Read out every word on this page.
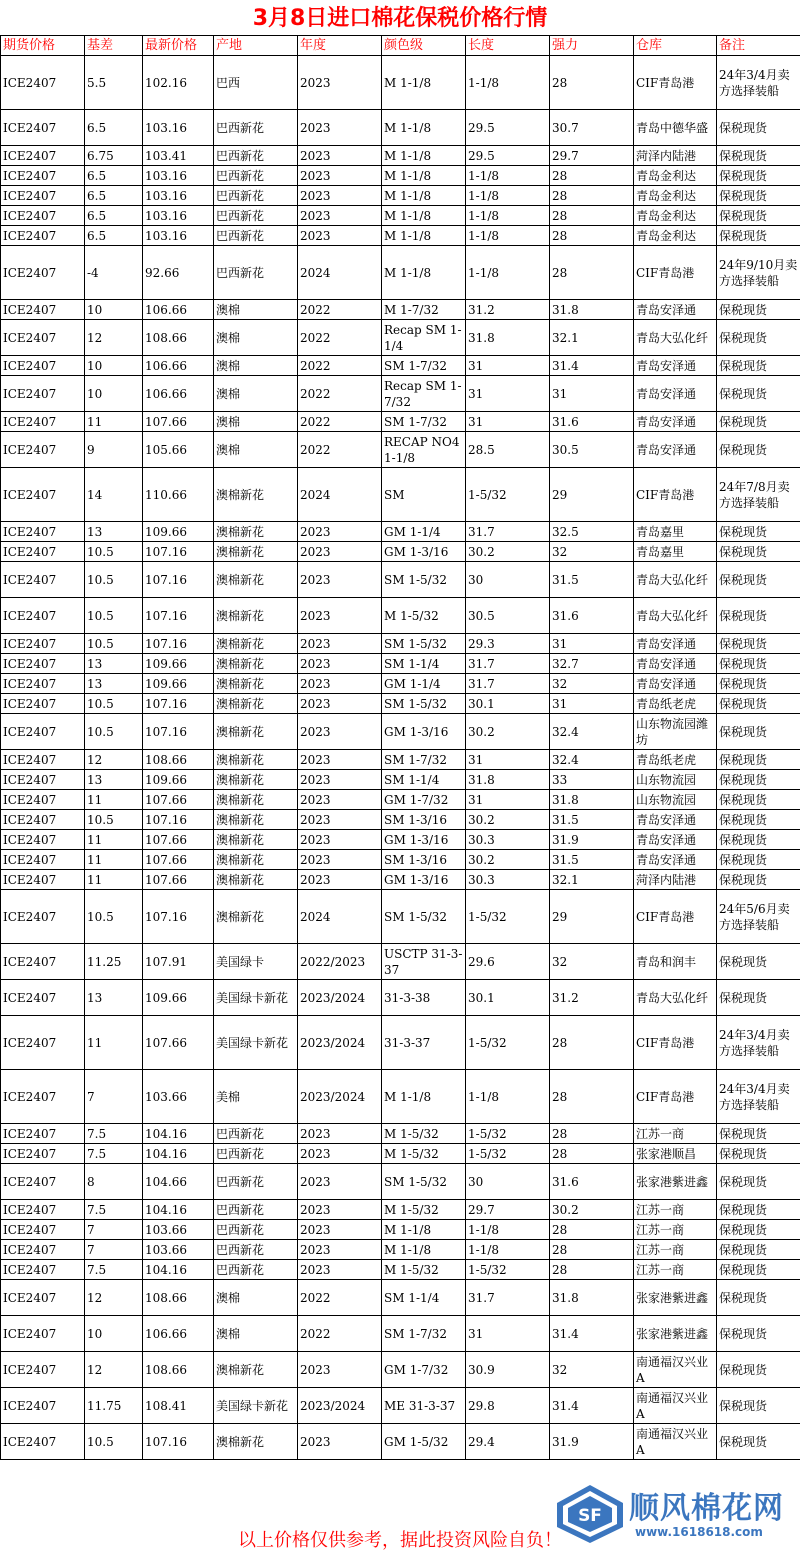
3月8日进口棉花保税价格行情
期货价格	基差	最新价格	产地	年度	颜色级	长度	强力	仓库	备注
ICE2407	5.5	102.16	巴西	2023	M 1-1/8	1-1/8	28	CIF青岛港	24年3/4月卖方选择装船
ICE2407	6.5	103.16	巴西新花	2023	M 1-1/8	29.5	30.7	青岛中德华盛	保税现货
ICE2407	6.75	103.41	巴西新花	2023	M 1-1/8	29.5	29.7	菏泽内陆港	保税现货
ICE2407	6.5	103.16	巴西新花	2023	M 1-1/8	1-1/8	28	青岛金利达	保税现货
ICE2407	6.5	103.16	巴西新花	2023	M 1-1/8	1-1/8	28	青岛金利达	保税现货
ICE2407	6.5	103.16	巴西新花	2023	M 1-1/8	1-1/8	28	青岛金利达	保税现货
ICE2407	6.5	103.16	巴西新花	2023	M 1-1/8	1-1/8	28	青岛金利达	保税现货
ICE2407	-4	92.66	巴西新花	2024	M 1-1/8	1-1/8	28	CIF青岛港	24年9/10月卖方选择装船
ICE2407	10	106.66	澳棉	2022	M 1-7/32	31.2	31.8	青岛安泽通	保税现货
ICE2407	12	108.66	澳棉	2022	Recap SM 1-1/4	31.8	32.1	青岛大弘化纤	保税现货
ICE2407	10	106.66	澳棉	2022	SM 1-7/32	31	31.4	青岛安泽通	保税现货
ICE2407	10	106.66	澳棉	2022	Recap SM 1-7/32	31	31	青岛安泽通	保税现货
ICE2407	11	107.66	澳棉	2022	SM 1-7/32	31	31.6	青岛安泽通	保税现货
ICE2407	9	105.66	澳棉	2022	RECAP NO4 1-1/8	28.5	30.5	青岛安泽通	保税现货
ICE2407	14	110.66	澳棉新花	2024	SM	1-5/32	29	CIF青岛港	24年7/8月卖方选择装船
ICE2407	13	109.66	澳棉新花	2023	GM 1-1/4	31.7	32.5	青岛嘉里	保税现货
ICE2407	10.5	107.16	澳棉新花	2023	GM 1-3/16	30.2	32	青岛嘉里	保税现货
ICE2407	10.5	107.16	澳棉新花	2023	SM 1-5/32	30	31.5	青岛大弘化纤	保税现货
ICE2407	10.5	107.16	澳棉新花	2023	M 1-5/32	30.5	31.6	青岛大弘化纤	保税现货
ICE2407	10.5	107.16	澳棉新花	2023	SM 1-5/32	29.3	31	青岛安泽通	保税现货
ICE2407	13	109.66	澳棉新花	2023	SM 1-1/4	31.7	32.7	青岛安泽通	保税现货
ICE2407	13	109.66	澳棉新花	2023	GM 1-1/4	31.7	32	青岛安泽通	保税现货
ICE2407	10.5	107.16	澳棉新花	2023	SM 1-5/32	30.1	31	青岛纸老虎	保税现货
ICE2407	10.5	107.16	澳棉新花	2023	GM 1-3/16	30.2	32.4	山东物流园潍坊	保税现货
ICE2407	12	108.66	澳棉新花	2023	SM 1-7/32	31	32.4	青岛纸老虎	保税现货
ICE2407	13	109.66	澳棉新花	2023	SM 1-1/4	31.8	33	山东物流园	保税现货
ICE2407	11	107.66	澳棉新花	2023	GM 1-7/32	31	31.8	山东物流园	保税现货
ICE2407	10.5	107.16	澳棉新花	2023	SM 1-3/16	30.2	31.5	青岛安泽通	保税现货
ICE2407	11	107.66	澳棉新花	2023	GM 1-3/16	30.3	31.9	青岛安泽通	保税现货
ICE2407	11	107.66	澳棉新花	2023	SM 1-3/16	30.2	31.5	青岛安泽通	保税现货
ICE2407	11	107.66	澳棉新花	2023	GM 1-3/16	30.3	32.1	菏泽内陆港	保税现货
ICE2407	10.5	107.16	澳棉新花	2024	SM 1-5/32	1-5/32	29	CIF青岛港	24年5/6月卖方选择装船
ICE2407	11.25	107.91	美国绿卡	2022/2023	USCTP 31-3-37	29.6	32	青岛和润丰	保税现货
ICE2407	13	109.66	美国绿卡新花	2023/2024	31-3-38	30.1	31.2	青岛大弘化纤	保税现货
ICE2407	11	107.66	美国绿卡新花	2023/2024	31-3-37	1-5/32	28	CIF青岛港	24年3/4月卖方选择装船
ICE2407	7	103.66	美棉	2023/2024	M 1-1/8	1-1/8	28	CIF青岛港	24年3/4月卖方选择装船
ICE2407	7.5	104.16	巴西新花	2023	M 1-5/32	1-5/32	28	江苏一商	保税现货
ICE2407	7.5	104.16	巴西新花	2023	M 1-5/32	1-5/32	28	张家港顺昌	保税现货
ICE2407	8	104.66	巴西新花	2023	SM 1-5/32	30	31.6	张家港紫进鑫	保税现货
ICE2407	7.5	104.16	巴西新花	2023	M 1-5/32	29.7	30.2	江苏一商	保税现货
ICE2407	7	103.66	巴西新花	2023	M 1-1/8	1-1/8	28	江苏一商	保税现货
ICE2407	7	103.66	巴西新花	2023	M 1-1/8	1-1/8	28	江苏一商	保税现货
ICE2407	7.5	104.16	巴西新花	2023	M 1-5/32	1-5/32	28	江苏一商	保税现货
ICE2407	12	108.66	澳棉	2022	SM 1-1/4	31.7	31.8	张家港紫进鑫	保税现货
ICE2407	10	106.66	澳棉	2022	SM 1-7/32	31	31.4	张家港紫进鑫	保税现货
ICE2407	12	108.66	澳棉新花	2023	GM 1-7/32	30.9	32	南通福汉兴业A	保税现货
ICE2407	11.75	108.41	美国绿卡新花	2023/2024	ME 31-3-37	29.8	31.4	南通福汉兴业A	保税现货
ICE2407	10.5	107.16	澳棉新花	2023	GM 1-5/32	29.4	31.9	南通福汉兴业A	保税现货
以上价格仅供参考，据此投资风险自负！
SF 顺风棉花网
www.1618618.com
